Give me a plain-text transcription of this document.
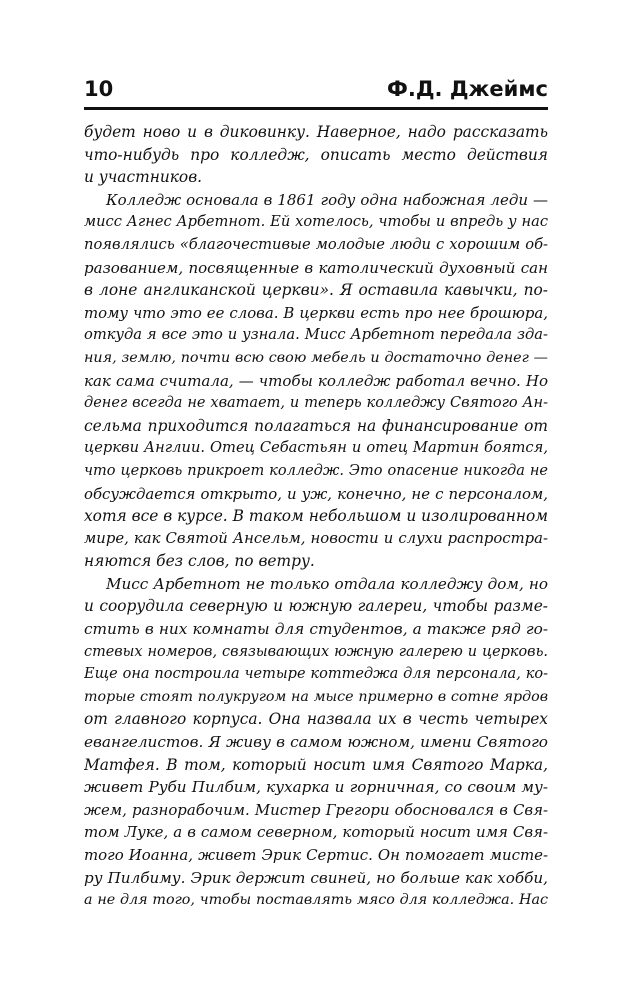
10	Ф.Д. Джеймс
будет ново и в диковинку. Наверное, надо рассказать
что-нибудь про колледж, описать место действия
и участников.
Колледж основала в 1861 году одна набожная леди —
мисс Агнес Арбетнот. Ей хотелось, чтобы и впредь у нас
появлялись «благочестивые молодые люди с хорошим об-
разованием, посвященные в католический духовный сан
в лоне англиканской церкви». Я оставила кавычки, по-
тому что это ее слова. В церкви есть про нее брошюра,
откуда я все это и узнала. Мисс Арбетнот передала зда-
ния, землю, почти всю свою мебель и достаточно денег —
как сама считала, — чтобы колледж работал вечно. Но
денег всегда не хватает, и теперь колледжу Святого Ан-
сельма приходится полагаться на финансирование от
церкви Англии. Отец Себастьян и отец Мартин боятся,
что церковь прикроет колледж. Это опасение никогда не
обсуждается открыто, и уж, конечно, не с персоналом,
хотя все в курсе. В таком небольшом и изолированном
мире, как Святой Ансельм, новости и слухи распростра-
няются без слов, по ветру.
Мисс Арбетнот не только отдала колледжу дом, но
и соорудила северную и южную галереи, чтобы разме-
стить в них комнаты для студентов, а также ряд го-
стевых номеров, связывающих южную галерею и церковь.
Еще она построила четыре коттеджа для персонала, ко-
торые стоят полукругом на мысе примерно в сотне ярдов
от главного корпуса. Она назвала их в честь четырех
евангелистов. Я живу в самом южном, имени Святого
Матфея. В том, который носит имя Святого Марка,
живет Руби Пилбим, кухарка и горничная, со своим му-
жем, разнорабочим. Мистер Грегори обосновался в Свя-
том Луке, а в самом северном, который носит имя Свя-
того Иоанна, живет Эрик Сертис. Он помогает мисте-
ру Пилбиму. Эрик держит свиней, но больше как хобби,
а не для того, чтобы поставлять мясо для колледжа. Нас
